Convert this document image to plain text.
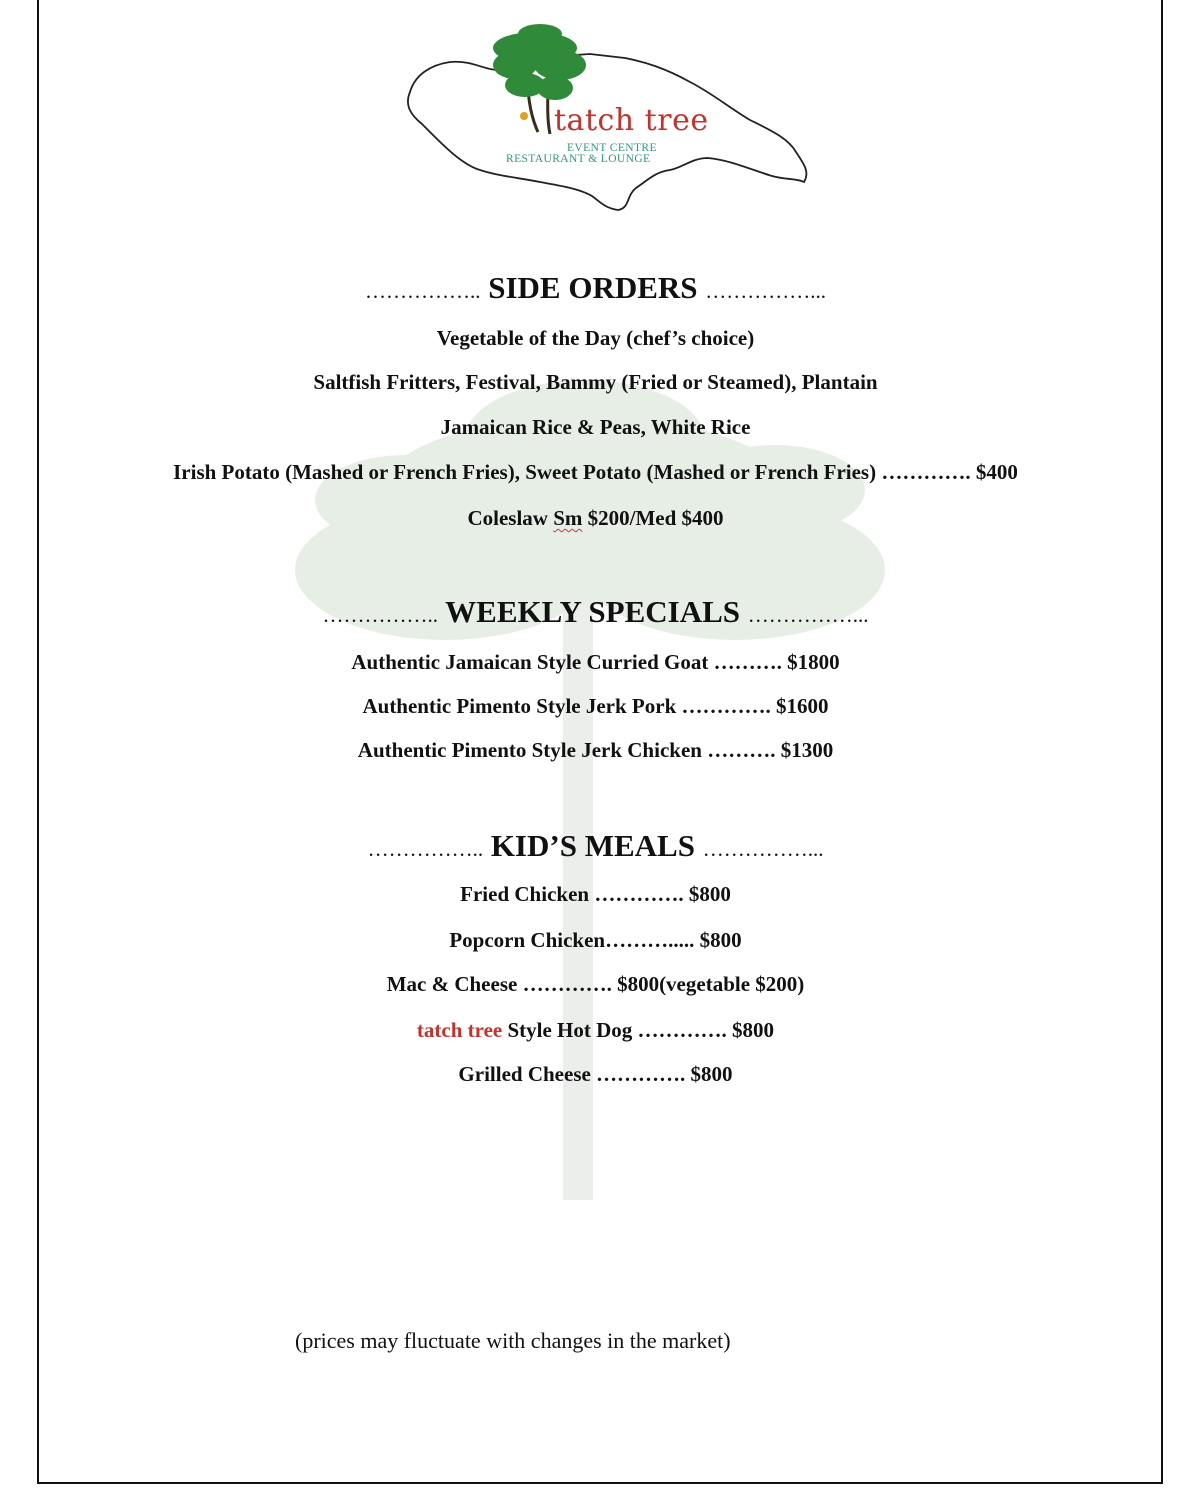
tatch tree
EVENT CENTRE
RESTAURANT & LOUNGE
…………….. SIDE ORDERS ……………...
Vegetable of the Day (chef’s choice)
Saltfish Fritters, Festival, Bammy (Fried or Steamed), Plantain
Jamaican Rice & Peas, White Rice
Irish Potato (Mashed or French Fries), Sweet Potato (Mashed or French Fries) …………. $400
Coleslaw Sm $200/Med $400
…………….. WEEKLY SPECIALS ……………...
Authentic Jamaican Style Curried Goat ………. $1800
Authentic Pimento Style Jerk Pork …………. $1600
Authentic Pimento Style Jerk Chicken ………. $1300
…………….. KID’S MEALS ……………...
Fried Chicken …………. $800
Popcorn Chicken………..... $800
Mac & Cheese …………. $800(vegetable $200)
tatch tree Style Hot Dog …………. $800
Grilled Cheese …………. $800
(prices may fluctuate with changes in the market)
